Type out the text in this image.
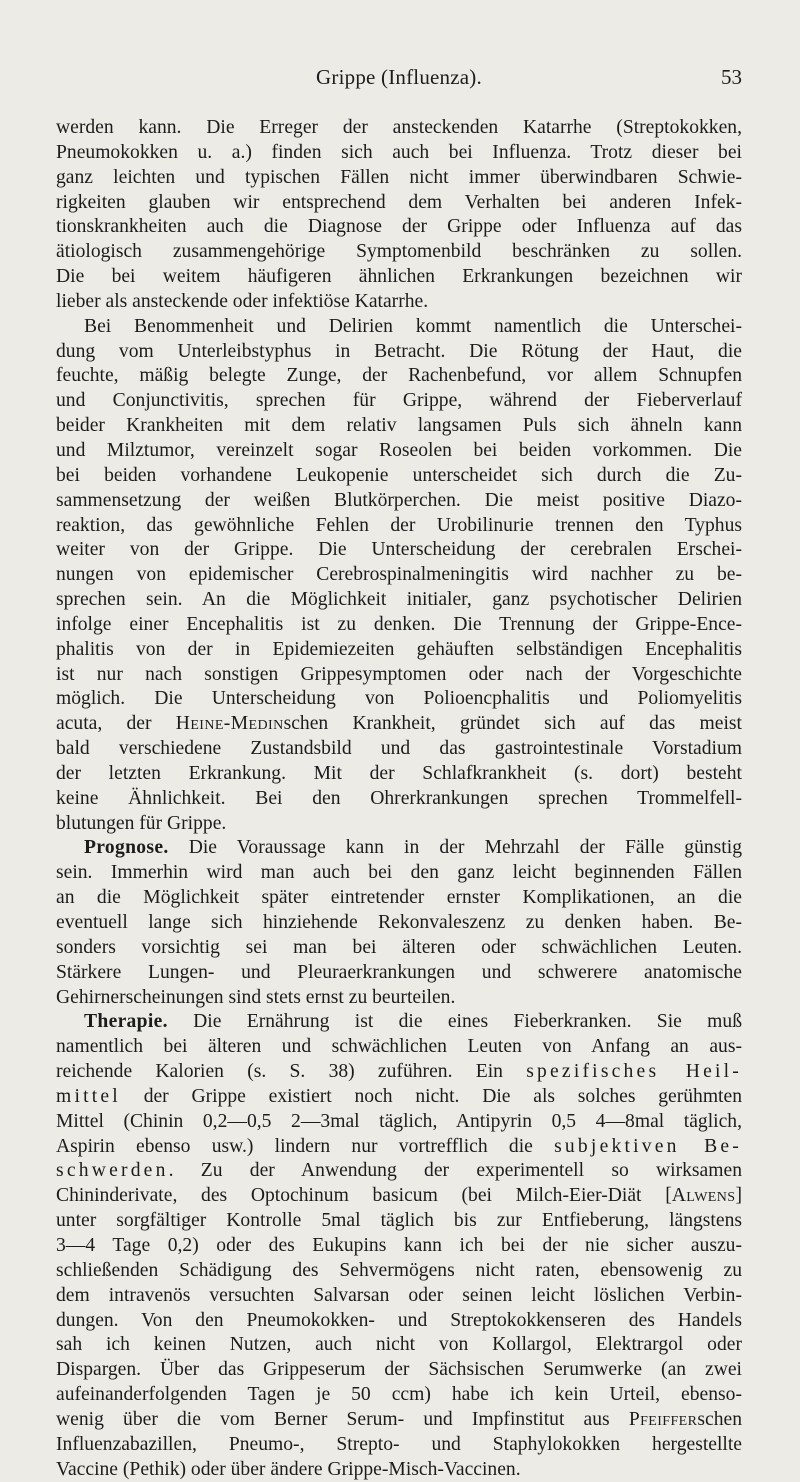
Grippe (Influenza).	53
werden kann. Die Erreger der ansteckenden Katarrhe (Streptokokken,
Pneumokokken u. a.) finden sich auch bei Influenza. Trotz dieser bei
ganz leichten und typischen Fällen nicht immer überwindbaren Schwie-
rigkeiten glauben wir entsprechend dem Verhalten bei anderen Infek-
tionskrankheiten auch die Diagnose der Grippe oder Influenza auf das
ätiologisch zusammengehörige Symptomenbild beschränken zu sollen.
Die bei weitem häufigeren ähnlichen Erkrankungen bezeichnen wir
lieber als ansteckende oder infektiöse Katarrhe.
Bei Benommenheit und Delirien kommt namentlich die Unterschei-
dung vom Unterleibstyphus in Betracht. Die Rötung der Haut, die
feuchte, mäßig belegte Zunge, der Rachenbefund, vor allem Schnupfen
und Conjunctivitis, sprechen für Grippe, während der Fieberverlauf
beider Krankheiten mit dem relativ langsamen Puls sich ähneln kann
und Milztumor, vereinzelt sogar Roseolen bei beiden vorkommen. Die
bei beiden vorhandene Leukopenie unterscheidet sich durch die Zu-
sammensetzung der weißen Blutkörperchen. Die meist positive Diazo-
reaktion, das gewöhnliche Fehlen der Urobilinurie trennen den Typhus
weiter von der Grippe. Die Unterscheidung der cerebralen Erschei-
nungen von epidemischer Cerebrospinalmeningitis wird nachher zu be-
sprechen sein. An die Möglichkeit initialer, ganz psychotischer Delirien
infolge einer Encephalitis ist zu denken. Die Trennung der Grippe-Ence-
phalitis von der in Epidemiezeiten gehäuften selbständigen Encephalitis
ist nur nach sonstigen Grippesymptomen oder nach der Vorgeschichte
möglich. Die Unterscheidung von Polioencphalitis und Poliomyelitis
acuta, der Heine-Medinschen Krankheit, gründet sich auf das meist
bald verschiedene Zustandsbild und das gastrointestinale Vorstadium
der letzten Erkrankung. Mit der Schlafkrankheit (s. dort) besteht
keine Ähnlichkeit. Bei den Ohrerkrankungen sprechen Trommelfell-
blutungen für Grippe.
Prognose. Die Voraussage kann in der Mehrzahl der Fälle günstig
sein. Immerhin wird man auch bei den ganz leicht beginnenden Fällen
an die Möglichkeit später eintretender ernster Komplikationen, an die
eventuell lange sich hinziehende Rekonvaleszenz zu denken haben. Be-
sonders vorsichtig sei man bei älteren oder schwächlichen Leuten.
Stärkere Lungen- und Pleuraerkrankungen und schwerere anatomische
Gehirnerscheinungen sind stets ernst zu beurteilen.
Therapie. Die Ernährung ist die eines Fieberkranken. Sie muß
namentlich bei älteren und schwächlichen Leuten von Anfang an aus-
reichende Kalorien (s. S. 38) zuführen. Ein spezifisches Heil-
mittel der Grippe existiert noch nicht. Die als solches gerühmten
Mittel (Chinin 0,2—0,5 2—3mal täglich, Antipyrin 0,5 4—8mal täglich,
Aspirin ebenso usw.) lindern nur vortrefflich die subjektiven Be-
schwerden. Zu der Anwendung der experimentell so wirksamen
Chininderivate, des Optochinum basicum (bei Milch-Eier-Diät [Alwens]
unter sorgfältiger Kontrolle 5mal täglich bis zur Entfieberung, längstens
3—4 Tage 0,2) oder des Eukupins kann ich bei der nie sicher auszu-
schließenden Schädigung des Sehvermögens nicht raten, ebensowenig zu
dem intravenös versuchten Salvarsan oder seinen leicht löslichen Verbin-
dungen. Von den Pneumokokken- und Streptokokkenseren des Handels
sah ich keinen Nutzen, auch nicht von Kollargol, Elektrargol oder
Dispargen. Über das Grippeserum der Sächsischen Serumwerke (an zwei
aufeinanderfolgenden Tagen je 50 ccm) habe ich kein Urteil, ebenso-
wenig über die vom Berner Serum- und Impfinstitut aus Pfeifferschen
Influenzabazillen, Pneumo-, Strepto- und Staphylokokken hergestellte
Vaccine (Pethik) oder über ändere Grippe-Misch-Vaccinen.
